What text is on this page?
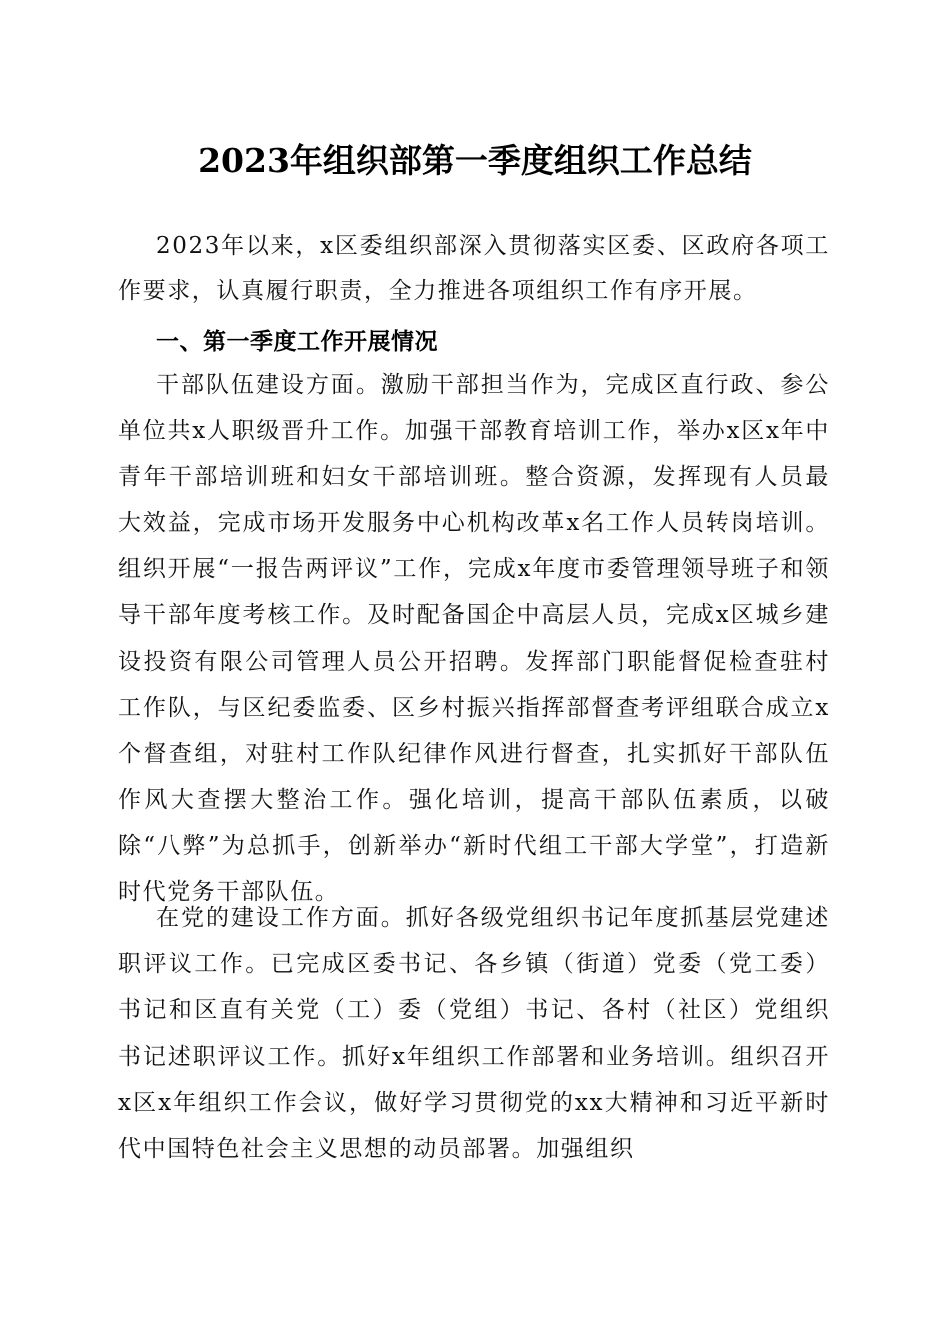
2023年组织部第一季度组织工作总结

2023年以来，x区委组织部深入贯彻落实区委、区政府各项工作要求，认真履行职责，全力推进各项组织工作有序开展。

一、第一季度工作开展情况

干部队伍建设方面。激励干部担当作为，完成区直行政、参公单位共x人职级晋升工作。加强干部教育培训工作，举办x区x年中青年干部培训班和妇女干部培训班。整合资源，发挥现有人员最大效益，完成市场开发服务中心机构改革x名工作人员转岗培训。组织开展“一报告两评议”工作，完成x年度市委管理领导班子和领导干部年度考核工作。及时配备国企中高层人员，完成x区城乡建设投资有限公司管理人员公开招聘。发挥部门职能督促检查驻村工作队，与区纪委监委、区乡村振兴指挥部督查考评组联合成立x个督查组，对驻村工作队纪律作风进行督查，扎实抓好干部队伍作风大查摆大整治工作。强化培训，提高干部队伍素质，以破除“八弊”为总抓手，创新举办“新时代组工干部大学堂”，打造新时代党务干部队伍。

在党的建设工作方面。抓好各级党组织书记年度抓基层党建述职评议工作。已完成区委书记、各乡镇（街道）党委（党工委）书记和区直有关党（工）委（党组）书记、各村（社区）党组织书记述职评议工作。抓好x年组织工作部署和业务培训。组织召开x区x年组织工作会议，做好学习贯彻党的xx大精神和习近平新时代中国特色社会主义思想的动员部署。加强组织
